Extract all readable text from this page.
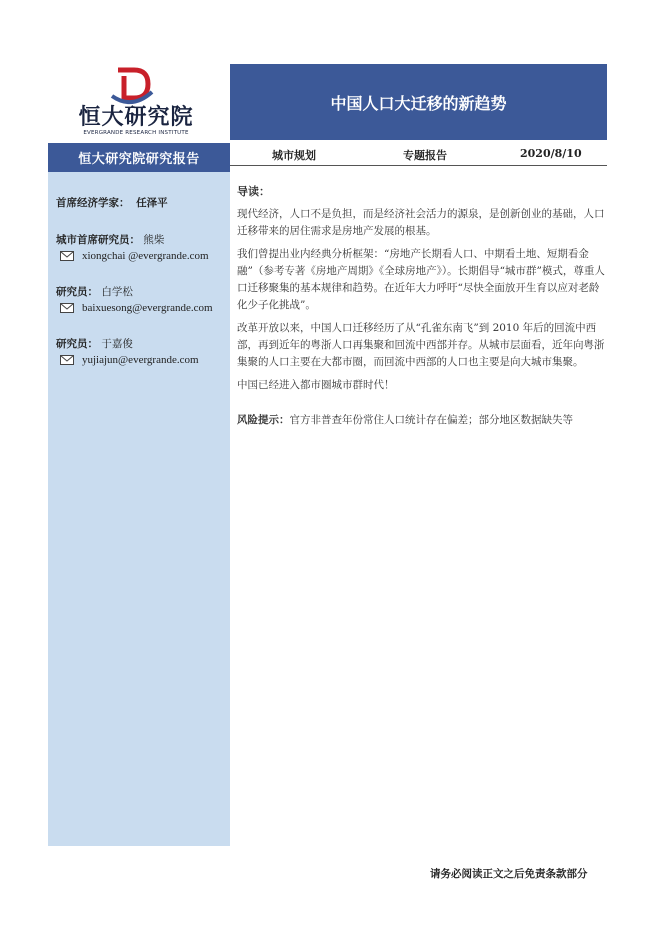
恒大研究院
EVERGRANDE RESEARCH INSTITUTE
中国人口大迁移的新趋势
恒大研究院研究报告	城市规划	专题报告	2020/8/10
首席经济学家： 任泽平
城市首席研究员： 熊柴
xiongchai @evergrande.com
研究员： 白学松
baixuesong@evergrande.com
研究员： 于嘉俊
yujiajun@evergrande.com
导读：

现代经济，人口不是负担，而是经济社会活力的源泉，是创新创业的基础，人口迁移带来的居住需求是房地产发展的根基。

我们曾提出业内经典分析框架：“房地产长期看人口、中期看土地、短期看金融”（参考专著《房地产周期》《全球房地产》）。长期倡导“城市群”模式，尊重人口迁移聚集的基本规律和趋势。在近年大力呼吁“尽快全面放开生育以应对老龄化少子化挑战”。

改革开放以来，中国人口迁移经历了从“孔雀东南飞”到 2010 年后的回流中西部，再到近年的粤浙人口再集聚和回流中西部并存。从城市层面看，近年向粤浙集聚的人口主要在大都市圈，而回流中西部的人口也主要是向大城市集聚。

中国已经进入都市圈城市群时代！

风险提示：官方非普查年份常住人口统计存在偏差；部分地区数据缺失等

请务必阅读正文之后免责条款部分
